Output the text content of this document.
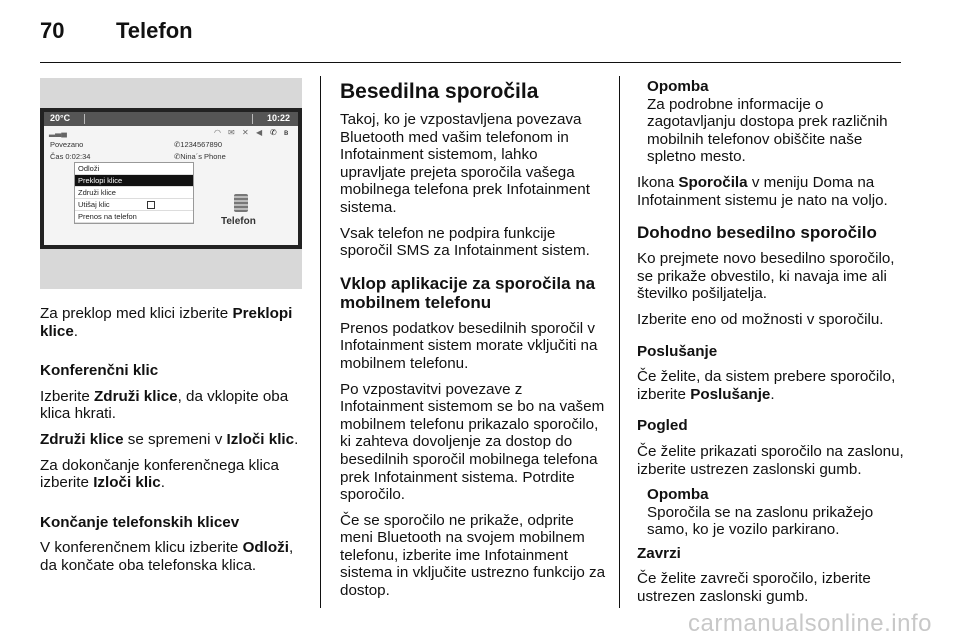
70 Telefon
20°C	10:22
▂▃▄	◠ ✉ ✕ ◀ ✆ ʙ
Povezano
Čas 0:02:34
✆1234567890
✆Nina´s Phone
Odloži
Preklopi klice
Združi klice
Utišaj klic
Prenos na telefon	Telefon

Za preklop med klici izberite Preklopi klice.

Konferenčni klic

Izberite Združi klice, da vklopite oba klica hkrati.

Združi klice se spremeni v Izloči klic.

Za dokončanje konferenčnega klica izberite Izloči klic.

Končanje telefonskih klicev

V konferenčnem klicu izberite Odloži, da končate oba telefonska klica.

Besedilna sporočila

Takoj, ko je vzpostavljena povezava Bluetooth med vašim telefonom in Infotainment sistemom, lahko upravljate prejeta sporočila vašega mobilnega telefona prek Infotainment sistema.

Vsak telefon ne podpira funkcije sporočil SMS za Infotainment sistem.

Vklop aplikacije za sporočila na mobilnem telefonu

Prenos podatkov besedilnih sporočil v Infotainment sistem morate vključiti na mobilnem telefonu.

Po vzpostavitvi povezave z Infotainment sistemom se bo na vašem mobilnem telefonu prikazalo sporočilo, ki zahteva dovoljenje za dostop do besedilnih sporočil mobilnega telefona prek Infotainment sistema. Potrdite sporočilo.

Če se sporočilo ne prikaže, odprite meni Bluetooth na svojem mobilnem telefonu, izberite ime Infotainment sistema in vključite ustrezno funkcijo za dostop.

Opomba

Za podrobne informacije o zagotavljanju dostopa prek različnih mobilnih telefonov obiščite naše spletno mesto.

Ikona Sporočila v meniju Doma na Infotainment sistemu je nato na voljo.

Dohodno besedilno sporočilo

Ko prejmete novo besedilno sporočilo, se prikaže obvestilo, ki navaja ime ali številko pošiljatelja.

Izberite eno od možnosti v sporočilu.

Poslušanje

Če želite, da sistem prebere sporočilo, izberite Poslušanje.

Pogled

Če želite prikazati sporočilo na zaslonu, izberite ustrezen zaslonski gumb.

Opomba

Sporočila se na zaslonu prikažejo samo, ko je vozilo parkirano.

Zavrzi

Če želite zavreči sporočilo, izberite ustrezen zaslonski gumb.

carmanualsonline.info
